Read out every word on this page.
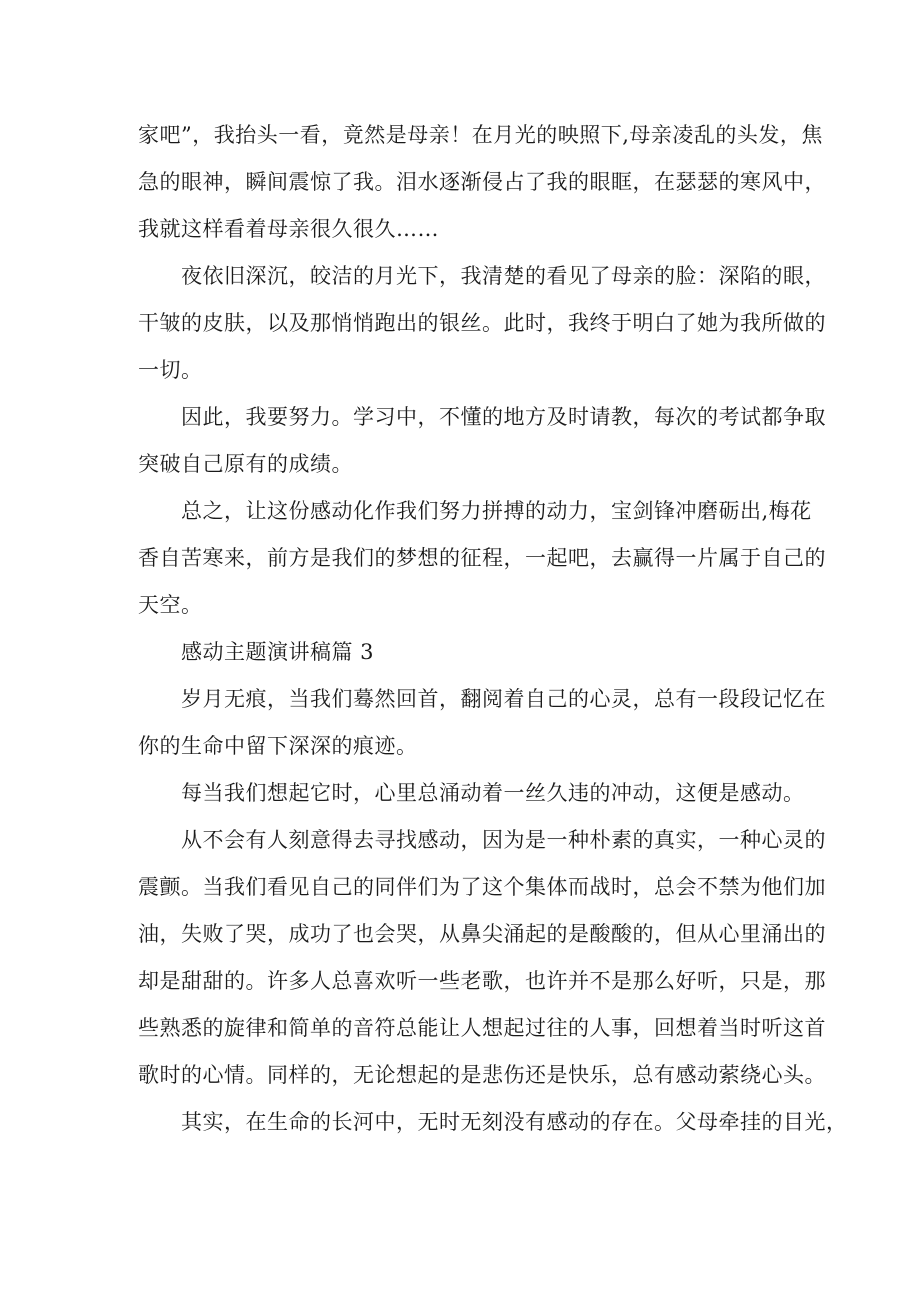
家吧”，我抬头一看，竟然是母亲！在月光的映照下,母亲凌乱的头发，焦
急的眼神，瞬间震惊了我。泪水逐渐侵占了我的眼眶，在瑟瑟的寒风中，
我就这样看着母亲很久很久……
　　夜依旧深沉，皎洁的月光下，我清楚的看见了母亲的脸：深陷的眼，
干皱的皮肤，以及那悄悄跑出的银丝。此时，我终于明白了她为我所做的
一切。
　　因此，我要努力。学习中，不懂的地方及时请教，每次的考试都争取
突破自己原有的成绩。
　　总之，让这份感动化作我们努力拼搏的动力，宝剑锋冲磨砺出,梅花
香自苦寒来，前方是我们的梦想的征程，一起吧，去赢得一片属于自己的
天空。
　　感动主题演讲稿篇 3
　　岁月无痕，当我们蓦然回首，翻阅着自己的心灵，总有一段段记忆在
你的生命中留下深深的痕迹。
　　每当我们想起它时，心里总涌动着一丝久违的冲动，这便是感动。
　　从不会有人刻意得去寻找感动，因为是一种朴素的真实，一种心灵的
震颤。当我们看见自己的同伴们为了这个集体而战时，总会不禁为他们加
油，失败了哭，成功了也会哭，从鼻尖涌起的是酸酸的，但从心里涌出的
却是甜甜的。许多人总喜欢听一些老歌，也许并不是那么好听，只是，那
些熟悉的旋律和简单的音符总能让人想起过往的人事，回想着当时听这首
歌时的心情。同样的，无论想起的是悲伤还是快乐，总有感动萦绕心头。
　　其实，在生命的长河中，无时无刻没有感动的存在。父母牵挂的目光，
